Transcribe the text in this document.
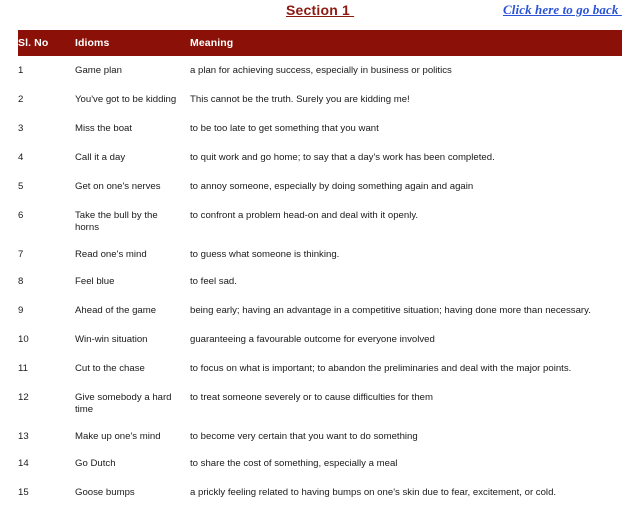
Section 1	Click here to go back
Sl. No	Idioms	Meaning
1	Game plan	a plan for achieving success, especially in business or politics
2	You've got to be kidding	This cannot be the truth. Surely you are kidding me!
3	Miss the boat	to be too late to get something that you want
4	Call it a day	to quit work and go home; to say that a day's work has been completed.
5	Get on one's nerves	to annoy someone, especially by doing something again and again
6	Take the bull by the horns	to confront a problem head-on and deal with it openly.
7	Read one's mind	to guess what someone is thinking.
8	Feel blue	to feel sad.
9	Ahead of the game	being early; having an advantage in a competitive situation; having done more than necessary.
10	Win-win situation	guaranteeing a favourable outcome for everyone involved
11	Cut to the chase	to focus on what is important; to abandon the preliminaries and deal with the major points.
12	Give somebody a hard time	to treat someone severely or to cause difficulties for them
13	Make up one's mind	to become very certain that you want to do something
14	Go Dutch	to share the cost of something, especially a meal
15	Goose bumps	a prickly feeling related to having bumps on one's skin due to fear, excitement, or cold.
